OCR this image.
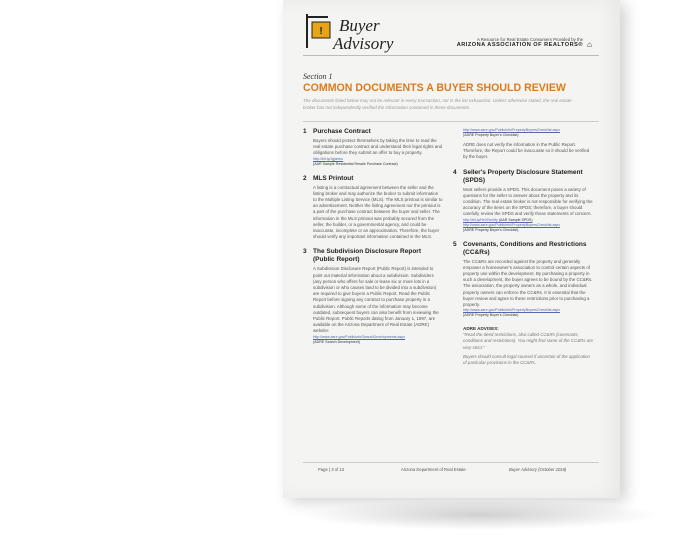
! Buyer
Advisory	A Resource for Real Estate Consumers Provided by the
ARIZONA ASSOCIATION OF REALTORS® ⌂
Section 1
COMMON DOCUMENTS A BUYER SHOULD REVIEW
The documents listed below may not be relevant in every transaction, nor is the list exhaustive. Unless otherwise stated, the real estate broker has not independently verified the information contained in these documents.
1 Purchase Contract
Buyers should protect themselves by taking the time to read the real estate purchase contract and understand their legal rights and obligations before they submit an offer to buy a property.
http://bit.ly/Jgjarmu
(AAR Sample Residential Resale Purchase Contract)
2 MLS Printout
A listing is a contractual agreement between the seller and the listing broker and may authorize the broker to submit information to the Multiple Listing Service (MLS). The MLS printout is similar to an advertisement. Neither the listing agreement nor the printout is a part of the purchase contract between the buyer and seller. The information in the MLS printout was probably secured from the seller, the builder, or a governmental agency, and could be inaccurate, incomplete or an approximation. Therefore, the buyer should verify any important information contained in the MLS.
3 The Subdivision Disclosure Report (Public Report)
A Subdivision Disclosure Report (Public Report) is intended to point out material information about a subdivision. Subdividers (any person who offers for sale or lease six or more lots in a subdivision or who causes land to be divided into a subdivision) are required to give buyers a Public Report. Read the Public Report before signing any contract to purchase property in a subdivision. Although some of the information may become outdated, subsequent buyers can also benefit from reviewing the Public Report. Public Reports dating from January 1, 1997, are available on the Arizona Department of Real Estate (ADRE) website:
http://www.azre.gov/PublicInfo/SearchDevelopments.aspx
(ADRE Search Development)
http://www.azre.gov/PublicInfo/PropertyBuyersChecklist.aspx
(ADRE Property Buyer's Checklist)
ADRE does not verify the information in the Public Report. Therefore, the Report could be inaccurate so it should be verified by the buyer.
4 Seller's Property Disclosure Statement (SPDS)
Most sellers provide a SPDS. This document poses a variety of questions for the seller to answer about the property and its condition. The real estate broker is not responsible for verifying the accuracy of the items on the SPDS; therefore, a buyer should carefully review the SPDS and verify those statements of concern.
http://bit.ly/HeXNmhfy (AAR Sample SPDS)
http://www.azre.gov/PublicInfo/PropertyBuyersChecklist.aspx
(ADRE Property Buyer's Checklist)
5 Covenants, Conditions and Restrictions (CC&Rs)
The CC&Rs are recorded against the property and generally empower a homeowner's association to control certain aspects of property use within the development. By purchasing a property in such a development, the buyer agrees to be bound by the CC&Rs. The association, the property owners as a whole, and individual property owners can enforce the CC&Rs. It is essential that the buyer review and agree to these restrictions prior to purchasing a property.
http://www.azre.gov/PublicInfo/PropertyBuyersChecklist.aspx
(ADRE Property Buyer's Checklist)
ADRE ADVISES:
"Read the deed restrictions, also called CC&Rs (covenants, conditions and restrictions). You might find some of the CC&Rs are very strict."
Buyers should consult legal counsel if uncertain of the application of particular provisions in the CC&Rs.
Page | 3 of 13	Arizona Department of Real Estate	Buyer Advisory (October 2018)
